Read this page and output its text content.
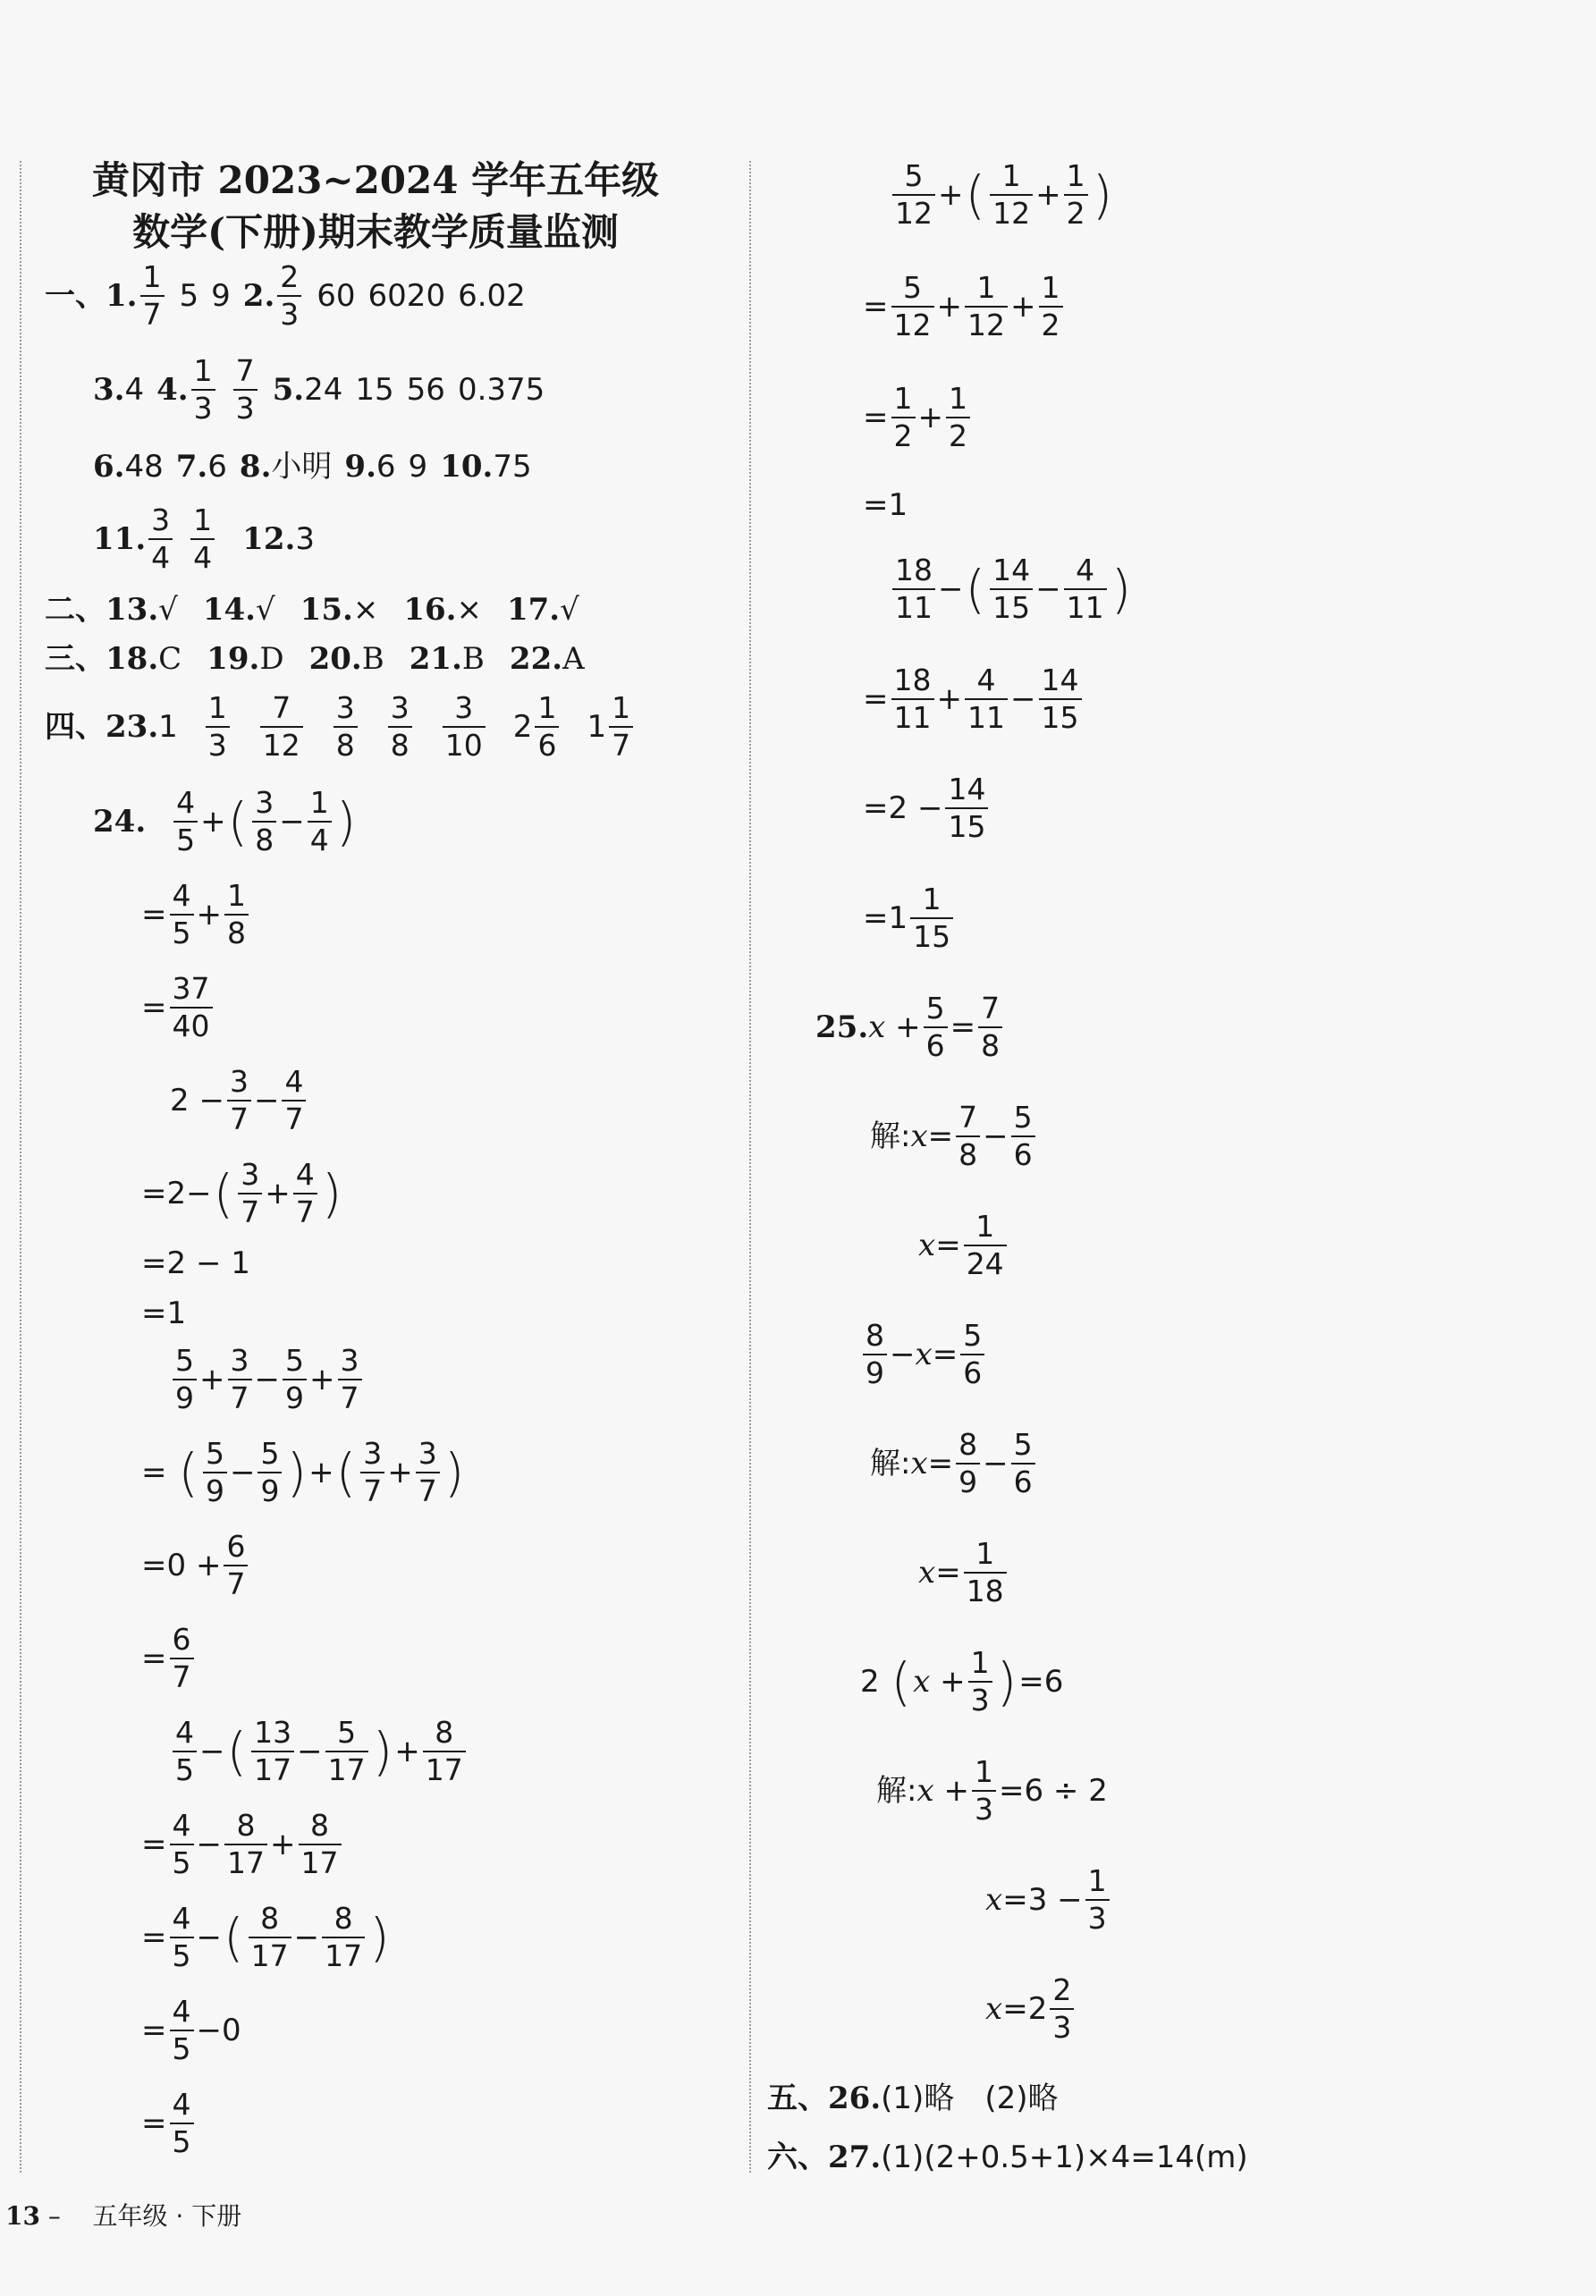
黄冈市 2023~2024 学年五年级
数学(下册)期末教学质量监测
一、 1. $\frac{1}{7} 5$ 9 2. $\frac{2}{3} 60$ 6020 6.02
3. 4 4. $\frac{1}{3} \frac{7}{3} 5$. 24 15 56 0.375
6. 48 7. 6 8. 小明 9. 6 9 10. 75
11. $\frac{3}{4} \frac{1}{4} 12$. 3
二、 13. √ 14. √ 15. × 16. × 17. √
三、 18. C 19. D 20. B 21. B 22. A
四、 23. $1 \frac{1}{3} \frac{7}{12} \frac{3}{8} \frac{3}{8} \frac{3}{10} 2 \frac{1}{6} 1 \frac{1}{7}$
24. $\frac{4}{5}$ + ( $\frac{3}{8} - \frac{1}{4}$ )
= $\frac{4}{5} + \frac{1}{8}$
= $\frac{37}{40}$
2
− $\frac{3}{7} - \frac{4}{7}$
= 2 − ( $\frac{3}{7} + \frac{4}{7}$ )
= 2
−
1
= 1
$\frac{5}{9} + \frac{3}{7} - \frac{5}{9} + \frac{3}{7}$
=
( $\frac{5}{9} - \frac{5}{9}$ ) + ( $\frac{3}{7} + \frac{3}{7}$ )
= 0
+ $\frac{6}{7}$
= $\frac{6}{7}$
$\frac{4}{5}$ − ( $\frac{13}{17} - \frac{5}{17}$ ) + $\frac{8}{17}$
= $\frac{4}{5} - \frac{8}{17} + \frac{8}{17}$
= $\frac{4}{5}$ − ( $\frac{8}{17} - \frac{8}{17}$ )
= $\frac{4}{5} - 0$
= $\frac{4}{5}$
$\frac{5}{12}$ + ( $\frac{1}{12} + \frac{1}{2}$ )
= $\frac{5}{12} + \frac{1}{12} + \frac{1}{2}$
= $\frac{1}{2} + \frac{1}{2}$
= 1
$\frac{18}{11}$ − ( $\frac{14}{15} - \frac{4}{11}$ )
= $\frac{18}{11} + \frac{4}{11} - \frac{14}{15}$
= 2
− $\frac{14}{15}$
= $1 \frac{1}{15}$
25. x
+ $\frac{5}{6} = \frac{7}{8}$
解: $x = \frac{7}{8} - \frac{5}{6}$
$x = \frac{1}{24}$
$\frac{8}{9} - x = \frac{5}{6}$
解: $x = \frac{8}{9} - \frac{5}{6}$
$x = \frac{1}{18}$
2
( x
+ $\frac{1}{3}$ ) = 6
解: x
+ $\frac{1}{3} = 6$
÷
2
x = 3
− $\frac{1}{3}$
$x = 2 \frac{2}{3}$
五、 26. (1)略　(2)略
六、 27. (1)(2+0.5+1)×4=14(m)
13 – 五年级 · 下册
